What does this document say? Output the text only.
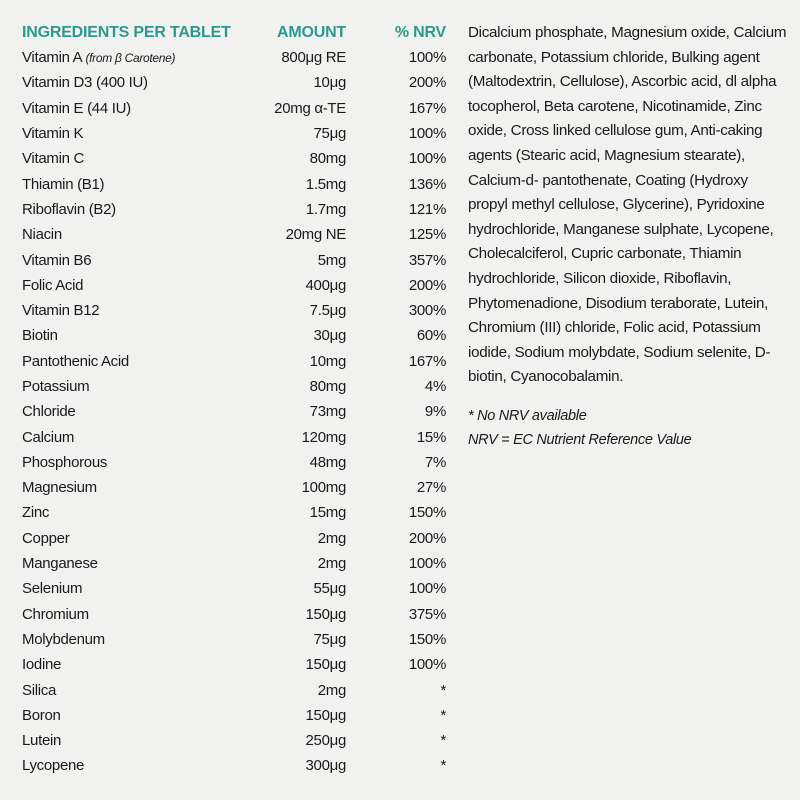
INGREDIENTS PER TABLET	AMOUNT	% NRV
Vitamin A (from β Carotene)	800μg RE	100%
Vitamin D3 (400 IU)	10μg	200%
Vitamin E (44 IU)	20mg α-TE	167%
Vitamin K	75μg	100%
Vitamin C	80mg	100%
Thiamin (B1)	1.5mg	136%
Riboflavin (B2)	1.7mg	121%
Niacin	20mg NE	125%
Vitamin B6	5mg	357%
Folic Acid	400μg	200%
Vitamin B12	7.5μg	300%
Biotin	30μg	60%
Pantothenic Acid	10mg	167%
Potassium	80mg	4%
Chloride	73mg	9%
Calcium	120mg	15%
Phosphorous	48mg	7%
Magnesium	100mg	27%
Zinc	15mg	150%
Copper	2mg	200%
Manganese	2mg	100%
Selenium	55μg	100%
Chromium	150μg	375%
Molybdenum	75μg	150%
Iodine	150μg	100%
Silica	2mg	*
Boron	150μg	*
Lutein	250μg	*
Lycopene	300μg	*

Dicalcium phosphate, Magnesium oxide, Calcium carbonate, Potassium chloride, Bulking agent (Maltodextrin, Cellulose), Ascorbic acid, dl alpha tocopherol, Beta carotene, Nicotinamide, Zinc oxide, Cross linked cellulose gum, Anti-caking agents (Stearic acid, Magnesium stearate), Calcium-d- pantothenate, Coating (Hydroxy propyl methyl cellulose, Glycerine), Pyridoxine hydrochloride, Manganese sulphate, Lycopene, Cholecalciferol, Cupric carbonate, Thiamin hydrochloride, Silicon dioxide, Riboflavin, Phytomenadione, Disodium teraborate, Lutein, Chromium (III) chloride, Folic acid, Potassium iodide, Sodium molybdate, Sodium selenite, D-biotin, Cyanocobalamin.

* No NRV available

NRV = EC Nutrient Reference Value
